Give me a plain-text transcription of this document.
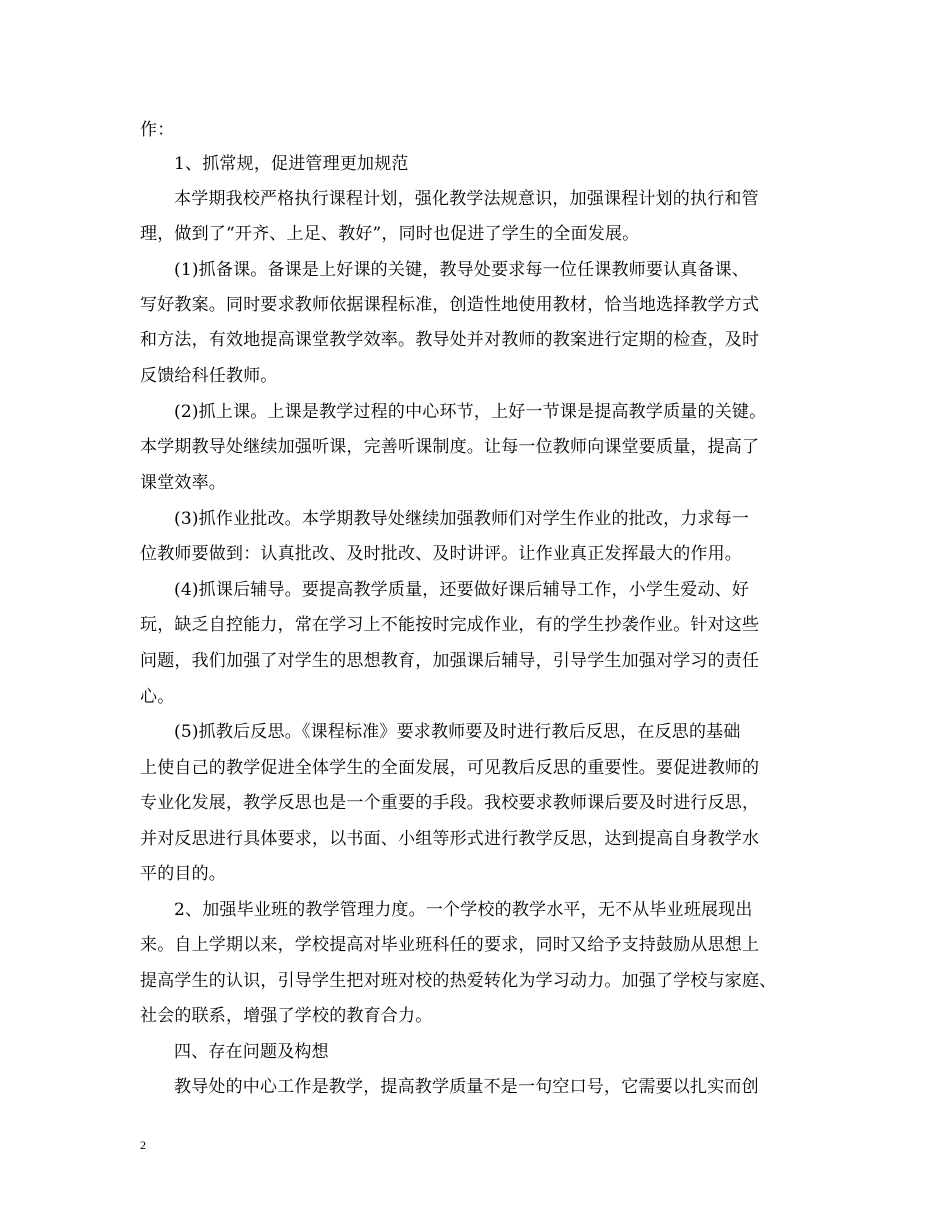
作：
1、抓常规，促进管理更加规范
本学期我校严格执行课程计划，强化教学法规意识，加强课程计划的执行和管
理，做到了“开齐、上足、教好”，同时也促进了学生的全面发展。
(1)抓备课。备课是上好课的关键，教导处要求每一位任课教师要认真备课、
写好教案。同时要求教师依据课程标准，创造性地使用教材，恰当地选择教学方式
和方法，有效地提高课堂教学效率。教导处并对教师的教案进行定期的检查，及时
反馈给科任教师。
(2)抓上课。上课是教学过程的中心环节，上好一节课是提高教学质量的关键。
本学期教导处继续加强听课，完善听课制度。让每一位教师向课堂要质量，提高了
课堂效率。
(3)抓作业批改。本学期教导处继续加强教师们对学生作业的批改，力求每一
位教师要做到：认真批改、及时批改、及时讲评。让作业真正发挥最大的作用。
(4)抓课后辅导。要提高教学质量，还要做好课后辅导工作，小学生爱动、好
玩，缺乏自控能力，常在学习上不能按时完成作业，有的学生抄袭作业。针对这些
问题，我们加强了对学生的思想教育，加强课后辅导，引导学生加强对学习的责任
心。
(5)抓教后反思。《课程标准》要求教师要及时进行教后反思，在反思的基础
上使自己的教学促进全体学生的全面发展，可见教后反思的重要性。要促进教师的
专业化发展，教学反思也是一个重要的手段。我校要求教师课后要及时进行反思，
并对反思进行具体要求，以书面、小组等形式进行教学反思，达到提高自身教学水
平的目的。
2、加强毕业班的教学管理力度。一个学校的教学水平，无不从毕业班展现出
来。自上学期以来，学校提高对毕业班科任的要求，同时又给予支持鼓励从思想上
提高学生的认识，引导学生把对班对校的热爱转化为学习动力。加强了学校与家庭、
社会的联系，增强了学校的教育合力。
四、存在问题及构想
教导处的中心工作是教学，提高教学质量不是一句空口号，它需要以扎实而创
2
